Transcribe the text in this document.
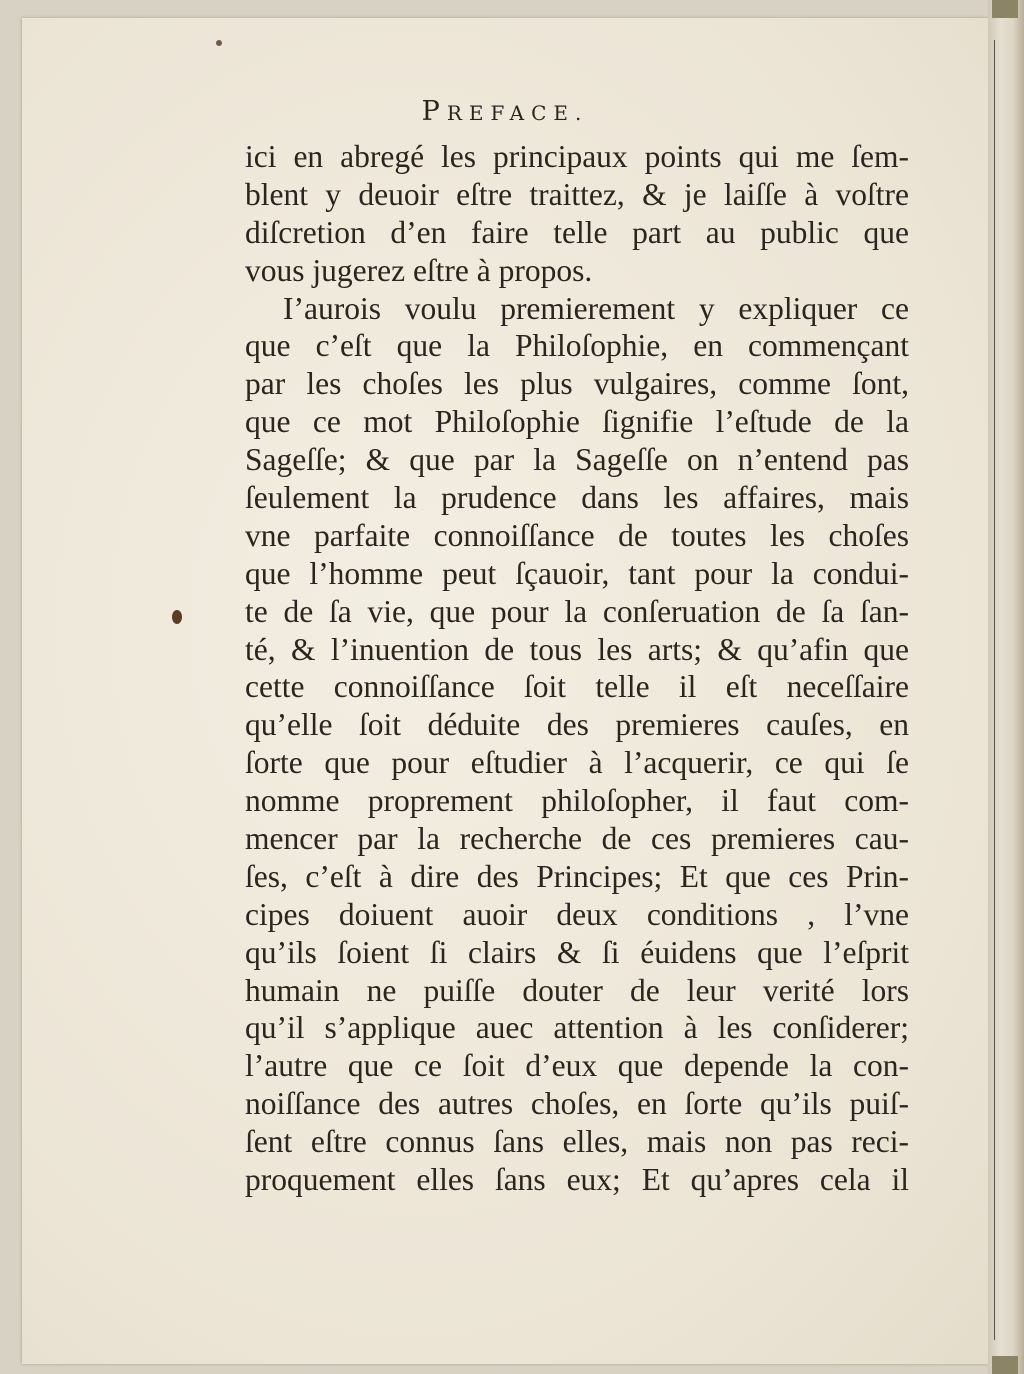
PREFACE.
ici en abregé les principaux points qui me ſem-
blent y deuoir eſtre traittez, & je laiſſe à voſtre
diſcretion d’en faire telle part au public que
vous jugerez eſtre à propos.
I’aurois voulu premierement y expliquer ce
que c’eſt que la Philoſophie, en commençant
par les choſes les plus vulgaires, comme ſont,
que ce mot Philoſophie ſignifie l’eſtude de la
Sageſſe; & que par la Sageſſe on n’entend pas
ſeulement la prudence dans les affaires, mais
vne parfaite connoiſſance de toutes les choſes
que l’homme peut ſçauoir, tant pour la condui-
te de ſa vie, que pour la conſeruation de ſa ſan-
té, & l’inuention de tous les arts; & qu’afin que
cette connoiſſance ſoit telle il eſt neceſſaire
qu’elle ſoit déduite des premieres cauſes, en
ſorte que pour eſtudier à l’acquerir, ce qui ſe
nomme proprement philoſopher, il faut com-
mencer par la recherche de ces premieres cau-
ſes, c’eſt à dire des Principes; Et que ces Prin-
cipes doiuent auoir deux conditions , l’vne
qu’ils ſoient ſi clairs & ſi éuidens que l’eſprit
humain ne puiſſe douter de leur verité lors
qu’il s’applique auec attention à les conſiderer;
l’autre que ce ſoit d’eux que depende la con-
noiſſance des autres choſes, en ſorte qu’ils puiſ-
ſent eſtre connus ſans elles, mais non pas reci-
proquement elles ſans eux; Et qu’apres cela il
